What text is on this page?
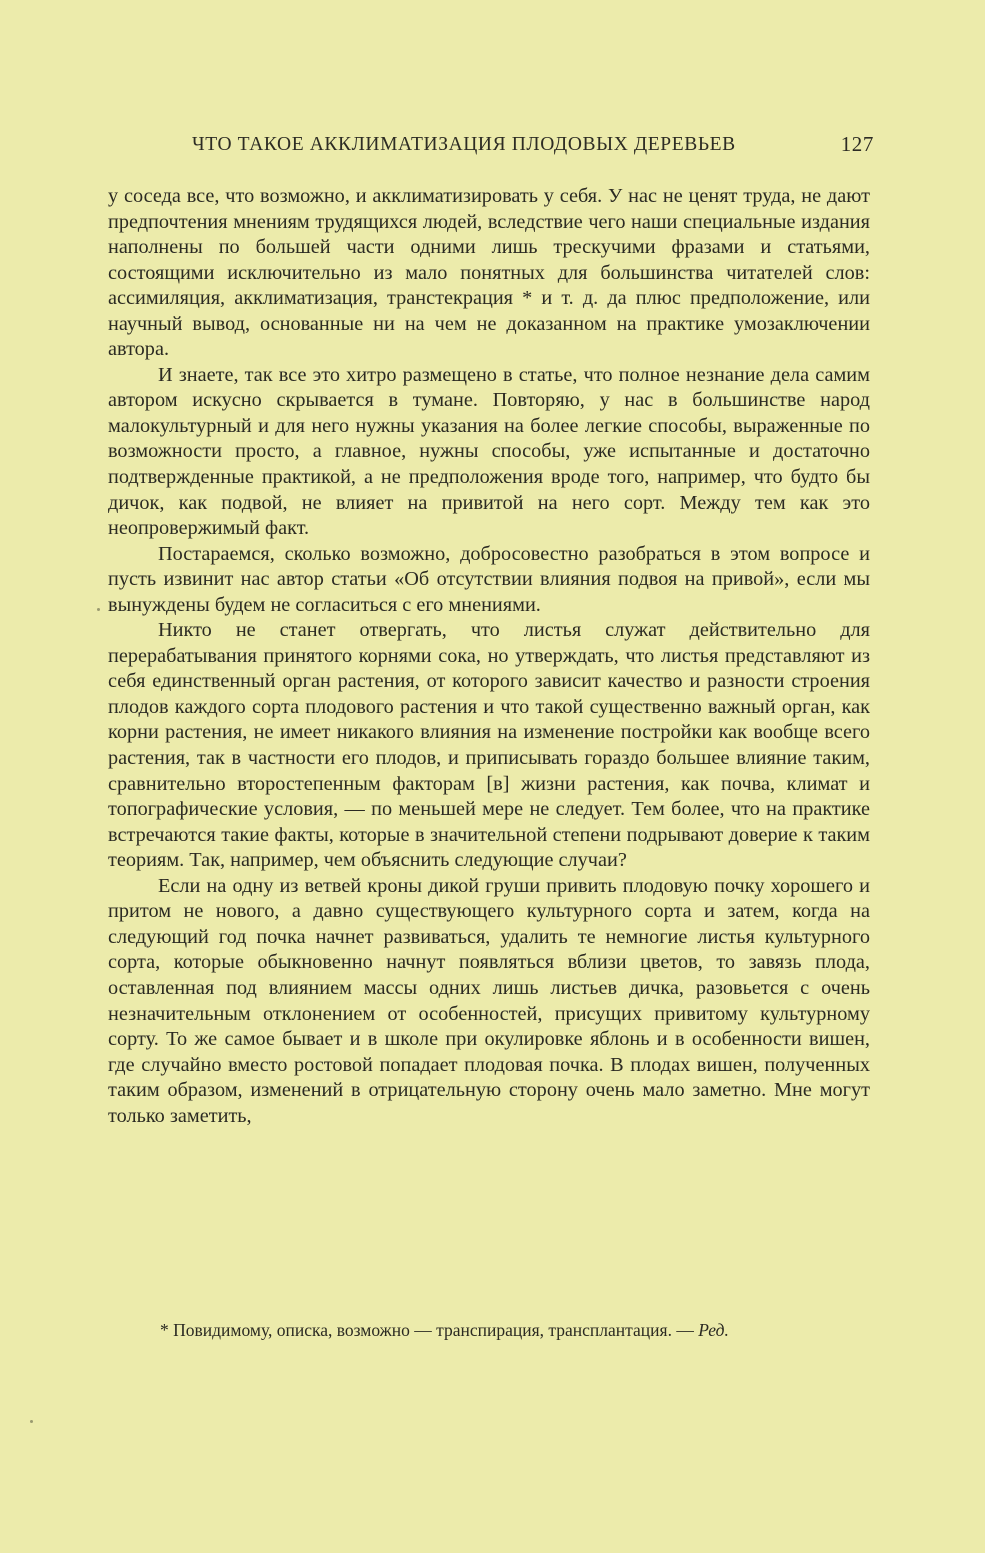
ЧТО ТАКОЕ АККЛИМАТИЗАЦИЯ ПЛОДОВЫХ ДЕРЕВЬЕВ	127

у соседа все, что возможно, и акклиматизировать у себя. У нас не ценят труда, не дают предпочтения мнениям трудящихся людей, вследствие чего наши специальные издания наполнены по большей части одними лишь трескучими фразами и статьями, состоящими исключительно из мало понятных для большинства читателей слов: ассимиляция, акклиматизация, транстекрация * и т. д. да плюс предположение, или научный вывод, основанные ни на чем не доказанном на практике умозаключении автора.

И знаете, так все это хитро размещено в статье, что полное незнание дела самим автором искусно скрывается в тумане. Повторяю, у нас в большинстве народ малокультурный и для него нужны указания на более легкие способы, выраженные по возможности просто, а главное, нужны способы, уже испытанные и достаточно подтвержденные практикой, а не предположения вроде того, например, что будто бы дичок, как подвой, не влияет на привитой на него сорт. Между тем как это неопровержимый факт.

Постараемся, сколько возможно, добросовестно разобраться в этом вопросе и пусть извинит нас автор статьи «Об отсутствии влияния подвоя на привой», если мы вынуждены будем не согласиться с его мнениями.

Никто не станет отвергать, что листья служат действительно для перерабатывания принятого корнями сока, но утверждать, что листья представляют из себя единственный орган растения, от которого зависит качество и разности строения плодов каждого сорта плодового растения и что такой существенно важный орган, как корни растения, не имеет никакого влияния на изменение постройки как вообще всего растения, так в частности его плодов, и приписывать гораздо большее влияние таким, сравнительно второстепенным факторам [в] жизни растения, как почва, климат и топографические условия, — по меньшей мере не следует. Тем более, что на практике встречаются такие факты, которые в значительной степени подрывают доверие к таким теориям. Так, например, чем объяснить следующие случаи?

Если на одну из ветвей кроны дикой груши привить плодовую почку хорошего и притом не нового, а давно существующего культурного сорта и затем, когда на следующий год почка начнет развиваться, удалить те немногие листья культурного сорта, которые обыкновенно начнут появляться вблизи цветов, то завязь плода, оставленная под влиянием массы одних лишь листьев дичка, разовьется с очень незначительным отклонением от особенностей, присущих привитому культурному сорту. То же самое бывает и в школе при окулировке яблонь и в особенности вишен, где случайно вместо ростовой попадает плодовая почка. В плодах вишен, полученных таким образом, изменений в отрицательную сторону очень мало заметно. Мне могут только заметить,

* Повидимому, описка, возможно — транспирация, трансплантация. — Ред.
